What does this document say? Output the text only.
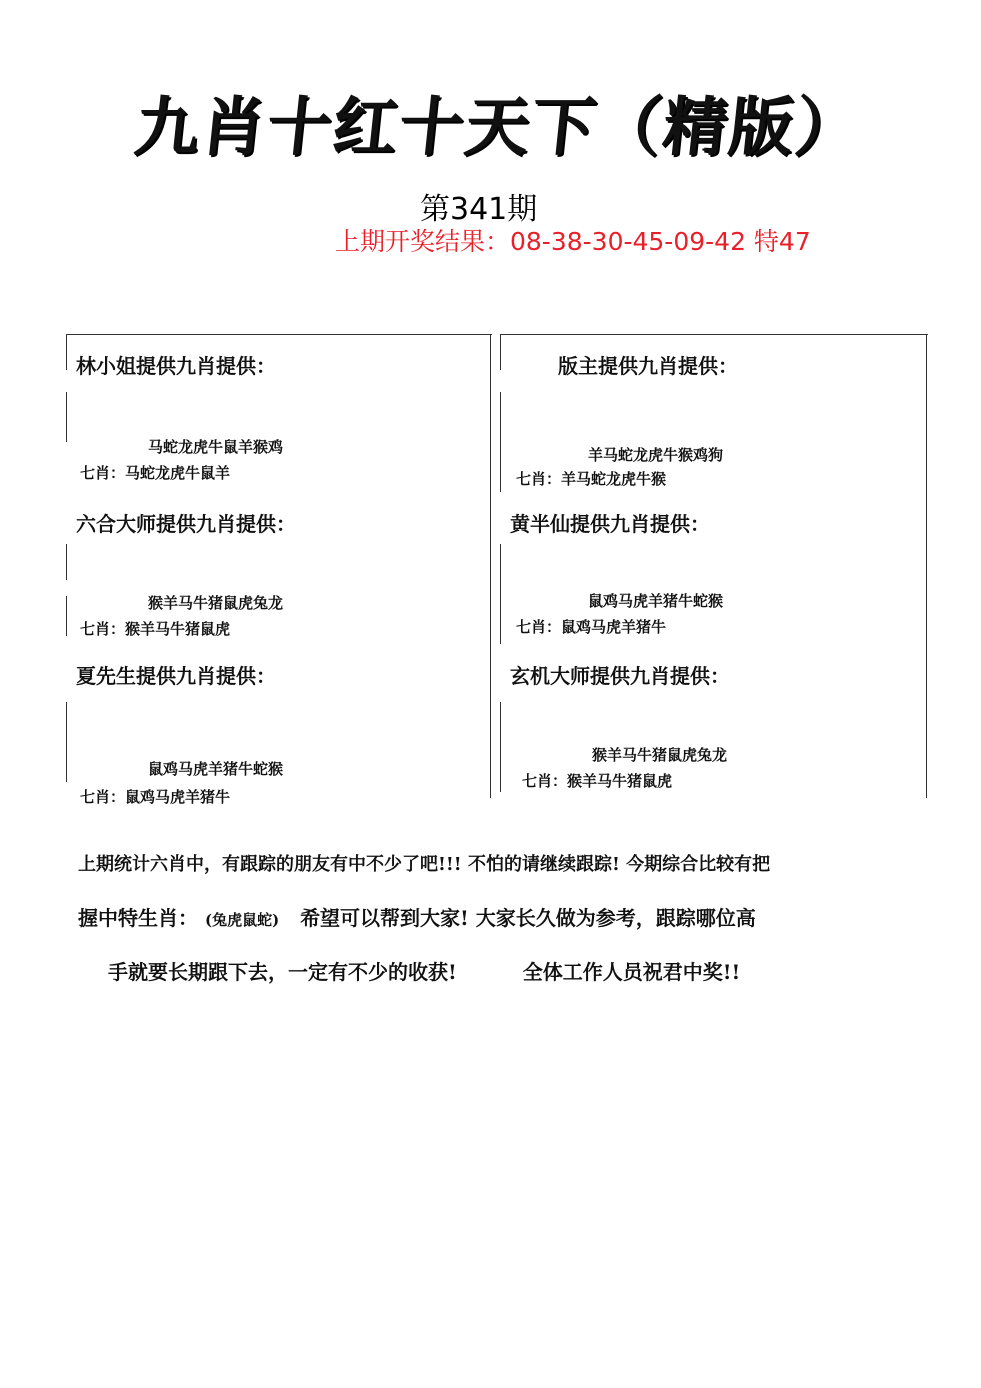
九肖十红十天下（精版）
第341期
上期开奖结果：08-38-30-45-09-42 特47
林小姐提供九肖提供：
马蛇龙虎牛鼠羊猴鸡
七肖：马蛇龙虎牛鼠羊
六合大师提供九肖提供：
猴羊马牛猪鼠虎兔龙
七肖：猴羊马牛猪鼠虎
夏先生提供九肖提供：
鼠鸡马虎羊猪牛蛇猴
七肖：鼠鸡马虎羊猪牛
版主提供九肖提供：
羊马蛇龙虎牛猴鸡狗
七肖：羊马蛇龙虎牛猴
黄半仙提供九肖提供：
鼠鸡马虎羊猪牛蛇猴
七肖：鼠鸡马虎羊猪牛
玄机大师提供九肖提供：
猴羊马牛猪鼠虎兔龙
七肖：猴羊马牛猪鼠虎
上期统计六肖中，有跟踪的朋友有中不少了吧!!! 不怕的请继续跟踪! 今期综合比较有把
握中特生肖： (兔虎鼠蛇) 希望可以帮到大家! 大家长久做为参考，跟踪哪位高
手就要长期跟下去，一定有不少的收获!	全体工作人员祝君中奖!!
